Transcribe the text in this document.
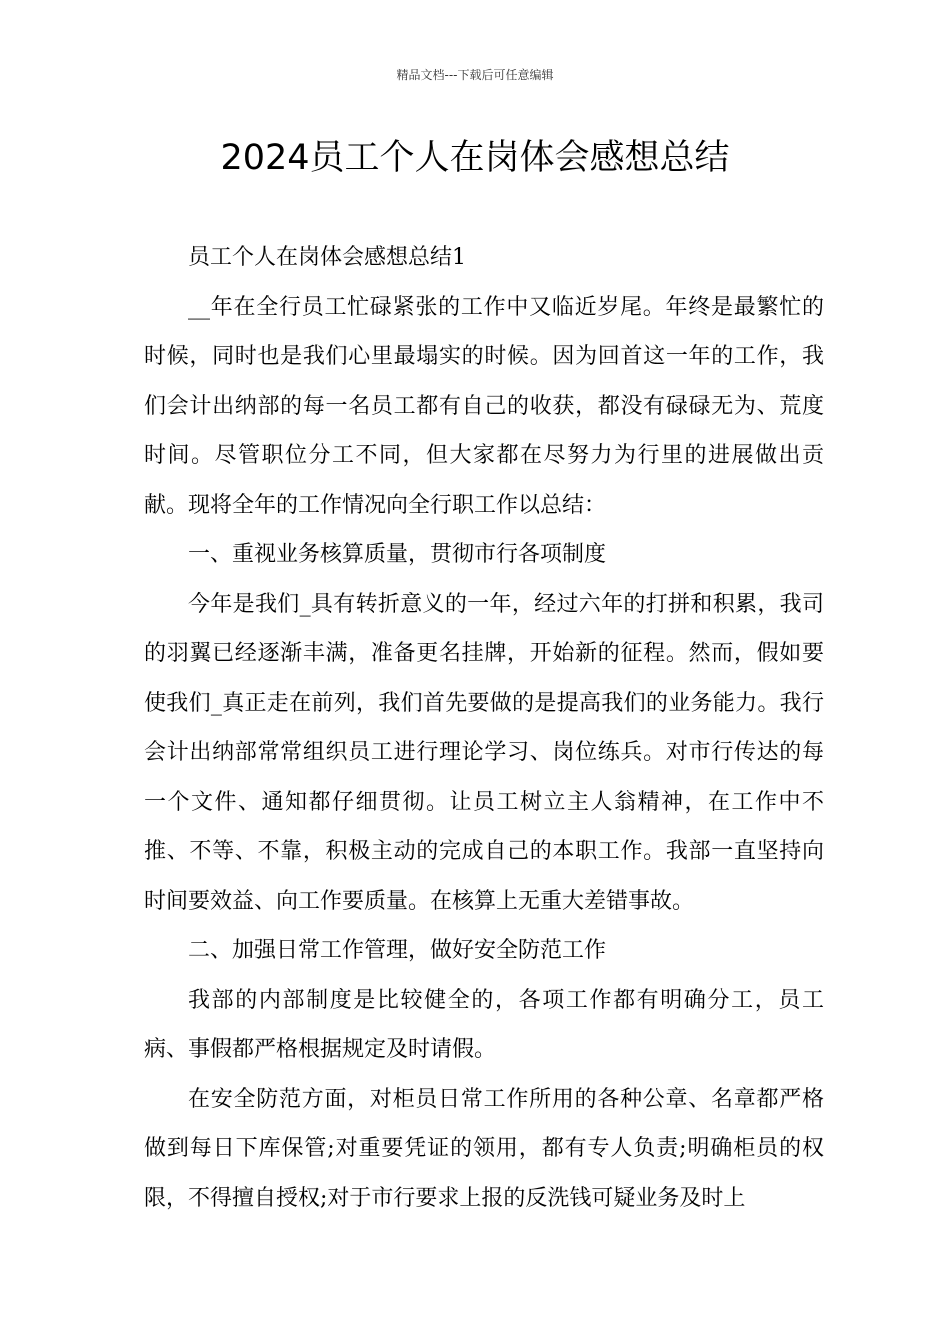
精品文档---下载后可任意编辑
2024员工个人在岗体会感想总结

员工个人在岗体会感想总结1

__年在全行员工忙碌紧张的工作中又临近岁尾。年终是最繁忙的时候，同时也是我们心里最塌实的时候。因为回首这一年的工作，我们会计出纳部的每一名员工都有自己的收获，都没有碌碌无为、荒度时间。尽管职位分工不同，但大家都在尽努力为行里的进展做出贡献。现将全年的工作情况向全行职工作以总结：

一、重视业务核算质量，贯彻市行各项制度

今年是我们_具有转折意义的一年，经过六年的打拼和积累，我司的羽翼已经逐渐丰满，准备更名挂牌，开始新的征程。然而，假如要使我们_真正走在前列，我们首先要做的是提高我们的业务能力。我行会计出纳部常常组织员工进行理论学习、岗位练兵。对市行传达的每一个文件、通知都仔细贯彻。让员工树立主人翁精神，在工作中不推、不等、不靠，积极主动的完成自己的本职工作。我部一直坚持向时间要效益、向工作要质量。在核算上无重大差错事故。

二、加强日常工作管理，做好安全防范工作

我部的内部制度是比较健全的，各项工作都有明确分工，员工病、事假都严格根据规定及时请假。

在安全防范方面，对柜员日常工作所用的各种公章、名章都严格做到每日下库保管;对重要凭证的领用，都有专人负责;明确柜员的权限，不得擅自授权;对于市行要求上报的反洗钱可疑业务及时上
